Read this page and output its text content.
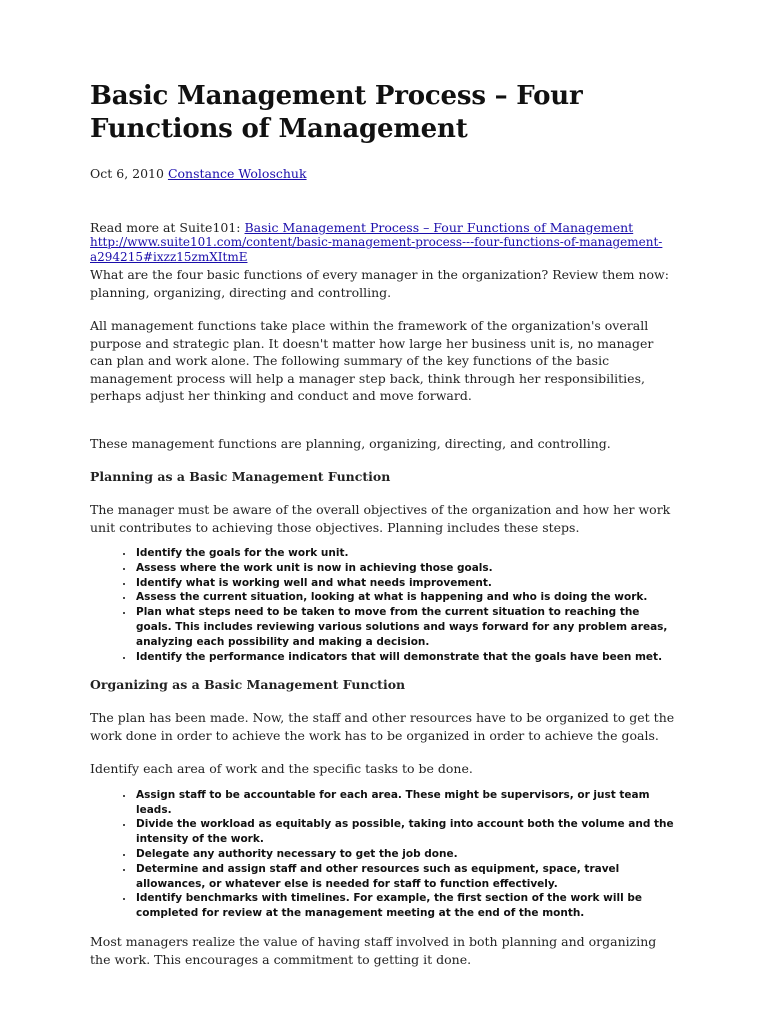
Basic Management Process – Four Functions of Management
Oct 6, 2010 Constance Woloschuk
Read more at Suite101: Basic Management Process – Four Functions of Management
http://www.suite101.com/content/basic-management-process---four-functions-of-management-a294215#ixzz15zmXItmE

What are the four basic functions of every manager in the organization? Review them now: planning, organizing, directing and controlling.

All management functions take place within the framework of the organization's overall purpose and strategic plan. It doesn't matter how large her business unit is, no manager can plan and work alone. The following summary of the key functions of the basic management process will help a manager step back, think through her responsibilities, perhaps adjust her thinking and conduct and move forward.

These management functions are planning, organizing, directing, and controlling.

Planning as a Basic Management Function

The manager must be aware of the overall objectives of the organization and how her work unit contributes to achieving those objectives. Planning includes these steps.

• Identify the goals for the work unit.
• Assess where the work unit is now in achieving those goals.
• Identify what is working well and what needs improvement.
• Assess the current situation, looking at what is happening and who is doing the work.
• Plan what steps need to be taken to move from the current situation to reaching the goals. This includes reviewing various solutions and ways forward for any problem areas, analyzing each possibility and making a decision.
• Identify the performance indicators that will demonstrate that the goals have been met.
Organizing as a Basic Management Function

The plan has been made. Now, the staff and other resources have to be organized to get the work done in order to achieve the work has to be organized in order to achieve the goals.

Identify each area of work and the specific tasks to be done.

• Assign staff to be accountable for each area. These might be supervisors, or just team leads.
• Divide the workload as equitably as possible, taking into account both the volume and the intensity of the work.
• Delegate any authority necessary to get the job done.
• Determine and assign staff and other resources such as equipment, space, travel allowances, or whatever else is needed for staff to function effectively.
• Identify benchmarks with timelines. For example, the first section of the work will be completed for review at the management meeting at the end of the month.

Most managers realize the value of having staff involved in both planning and organizing the work. This encourages a commitment to getting it done.
